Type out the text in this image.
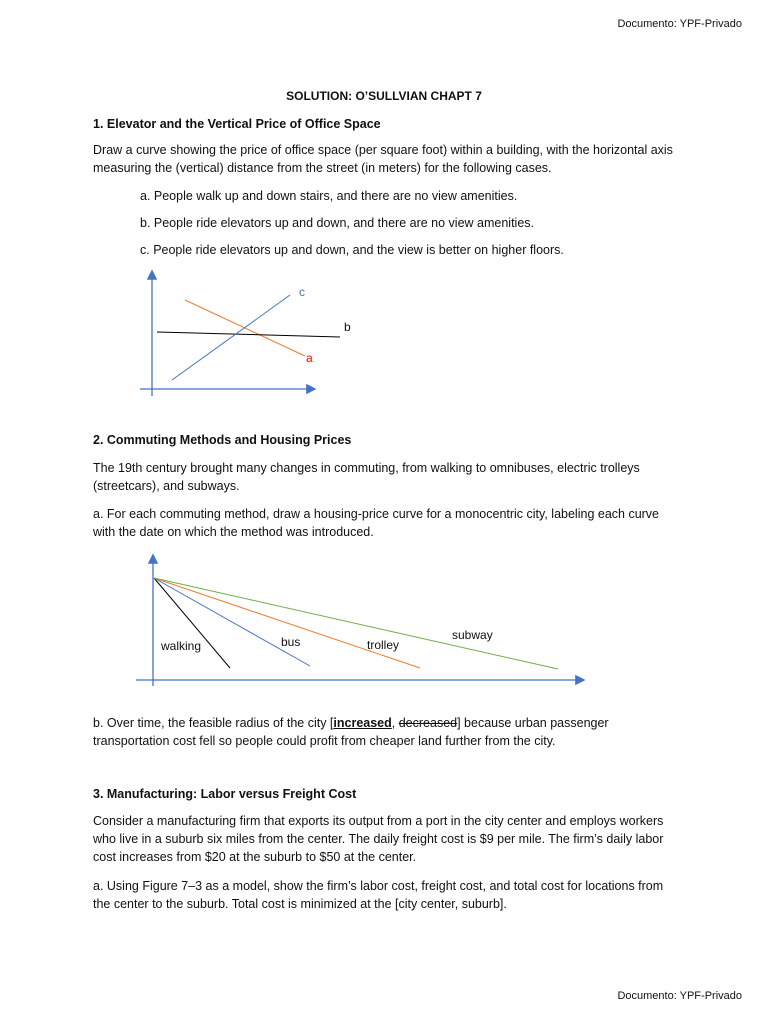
Documento: YPF-Privado
SOLUTION: O’SULLVIAN CHAPT 7
1. Elevator and the Vertical Price of Office Space
Draw a curve showing the price of office space (per square foot) within a building, with the horizontal axis measuring the (vertical) distance from the street (in meters) for the following cases.
a. People walk up and down stairs, and there are no view amenities.
b. People ride elevators up and down, and there are no view amenities.
c. People ride elevators up and down, and the view is better on higher floors.
c
b
a
walking	bus	trolley
subway
2. Commuting Methods and Housing Prices
The 19th century brought many changes in commuting, from walking to omnibuses, electric trolleys (streetcars), and subways.
a. For each commuting method, draw a housing-price curve for a monocentric city, labeling each curve with the date on which the method was introduced.
b. Over time, the feasible radius of the city [increased, decreased] because urban passenger transportation cost fell so people could profit from cheaper land further from the city.
3. Manufacturing: Labor versus Freight Cost
Consider a manufacturing firm that exports its output from a port in the city center and employs workers who live in a suburb six miles from the center. The daily freight cost is $9 per mile. The firm’s daily labor cost increases from $20 at the suburb to $50 at the center.
a. Using Figure 7–3 as a model, show the firm’s labor cost, freight cost, and total cost for locations from the center to the suburb. Total cost is minimized at the [city center, suburb].
Documento: YPF-Privado
